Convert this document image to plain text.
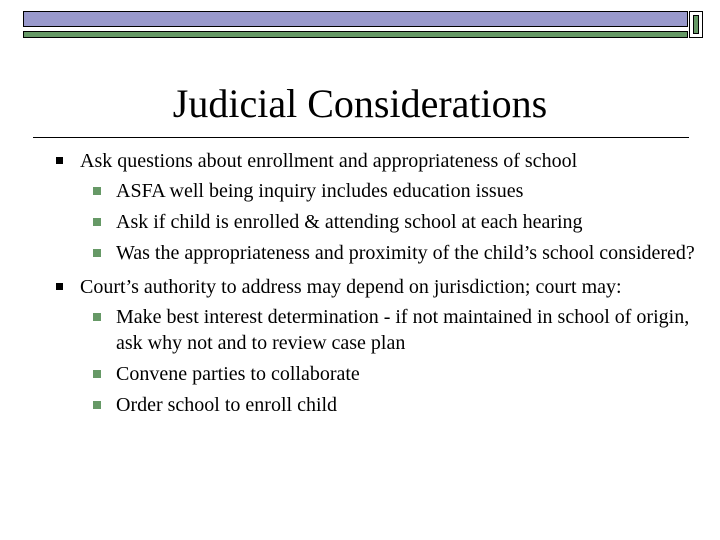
Judicial Considerations
Ask questions about enrollment and appropriateness of school
ASFA well being inquiry includes education issues
Ask if child is enrolled & attending school at each hearing
Was the appropriateness and proximity of the child’s school considered?
Court’s authority to address may depend on jurisdiction; court may:
Make best interest determination - if not maintained in school of origin, ask why not and to review case plan
Convene parties to collaborate
Order school to enroll child
